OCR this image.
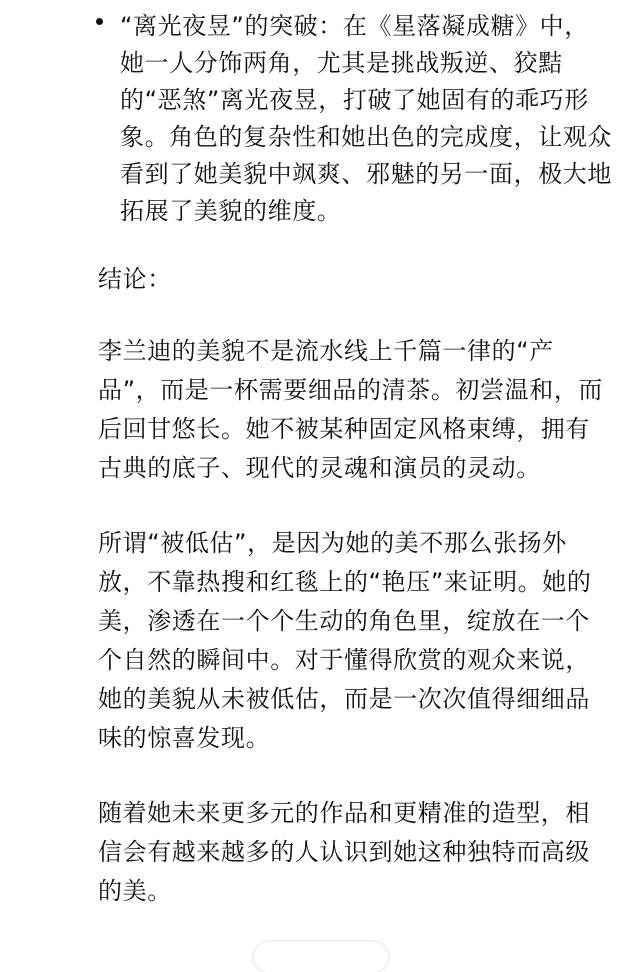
“离光夜昱”的突破：在《星落凝成糖》中，她一人分饰两角，尤其是挑战叛逆、狡黠的“恶煞”离光夜昱，打破了她固有的乖巧形象。角色的复杂性和她出色的完成度，让观众看到了她美貌中飒爽、邪魅的另一面，极大地拓展了美貌的维度。

结论：

李兰迪的美貌不是流水线上千篇一律的“产品”，而是一杯需要细品的清茶。初尝温和，而后回甘悠长。她不被某种固定风格束缚，拥有古典的底子、现代的灵魂和演员的灵动。

所谓“被低估”，是因为她的美不那么张扬外放，不靠热搜和红毯上的“艳压”来证明。她的美，渗透在一个个生动的角色里，绽放在一个个自然的瞬间中。对于懂得欣赏的观众来说，她的美貌从未被低估，而是一次次值得细细品味的惊喜发现。

随着她未来更多元的作品和更精准的造型，相信会有越来越多的人认识到她这种独特而高级的美。
